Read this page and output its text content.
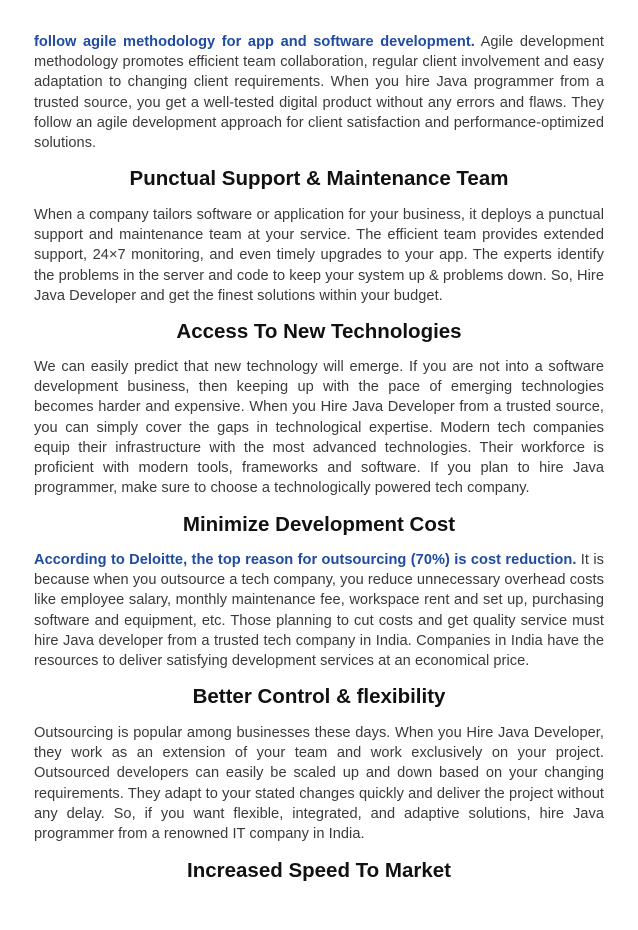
follow agile methodology for app and software development. Agile development methodology promotes efficient team collaboration, regular client involvement and easy adaptation to changing client requirements. When you hire Java programmer from a trusted source, you get a well-tested digital product without any errors and flaws. They follow an agile development approach for client satisfaction and performance-optimized solutions.

Punctual Support & Maintenance Team

When a company tailors software or application for your business, it deploys a punctual support and maintenance team at your service. The efficient team provides extended support, 24×7 monitoring, and even timely upgrades to your app. The experts identify the problems in the server and code to keep your system up & problems down. So, Hire Java Developer and get the finest solutions within your budget.

Access To New Technologies

We can easily predict that new technology will emerge. If you are not into a software development business, then keeping up with the pace of emerging technologies becomes harder and expensive. When you Hire Java Developer from a trusted source, you can simply cover the gaps in technological expertise. Modern tech companies equip their infrastructure with the most advanced technologies. Their workforce is proficient with modern tools, frameworks and software. If you plan to hire Java programmer, make sure to choose a technologically powered tech company.

Minimize Development Cost

According to Deloitte, the top reason for outsourcing (70%) is cost reduction. It is because when you outsource a tech company, you reduce unnecessary overhead costs like employee salary, monthly maintenance fee, workspace rent and set up, purchasing software and equipment, etc. Those planning to cut costs and get quality service must hire Java developer from a trusted tech company in India. Companies in India have the resources to deliver satisfying development services at an economical price.

Better Control & flexibility

Outsourcing is popular among businesses these days. When you Hire Java Developer, they work as an extension of your team and work exclusively on your project. Outsourced developers can easily be scaled up and down based on your changing requirements. They adapt to your stated changes quickly and deliver the project without any delay. So, if you want flexible, integrated, and adaptive solutions, hire Java programmer from a renowned IT company in India.

Increased Speed To Market
